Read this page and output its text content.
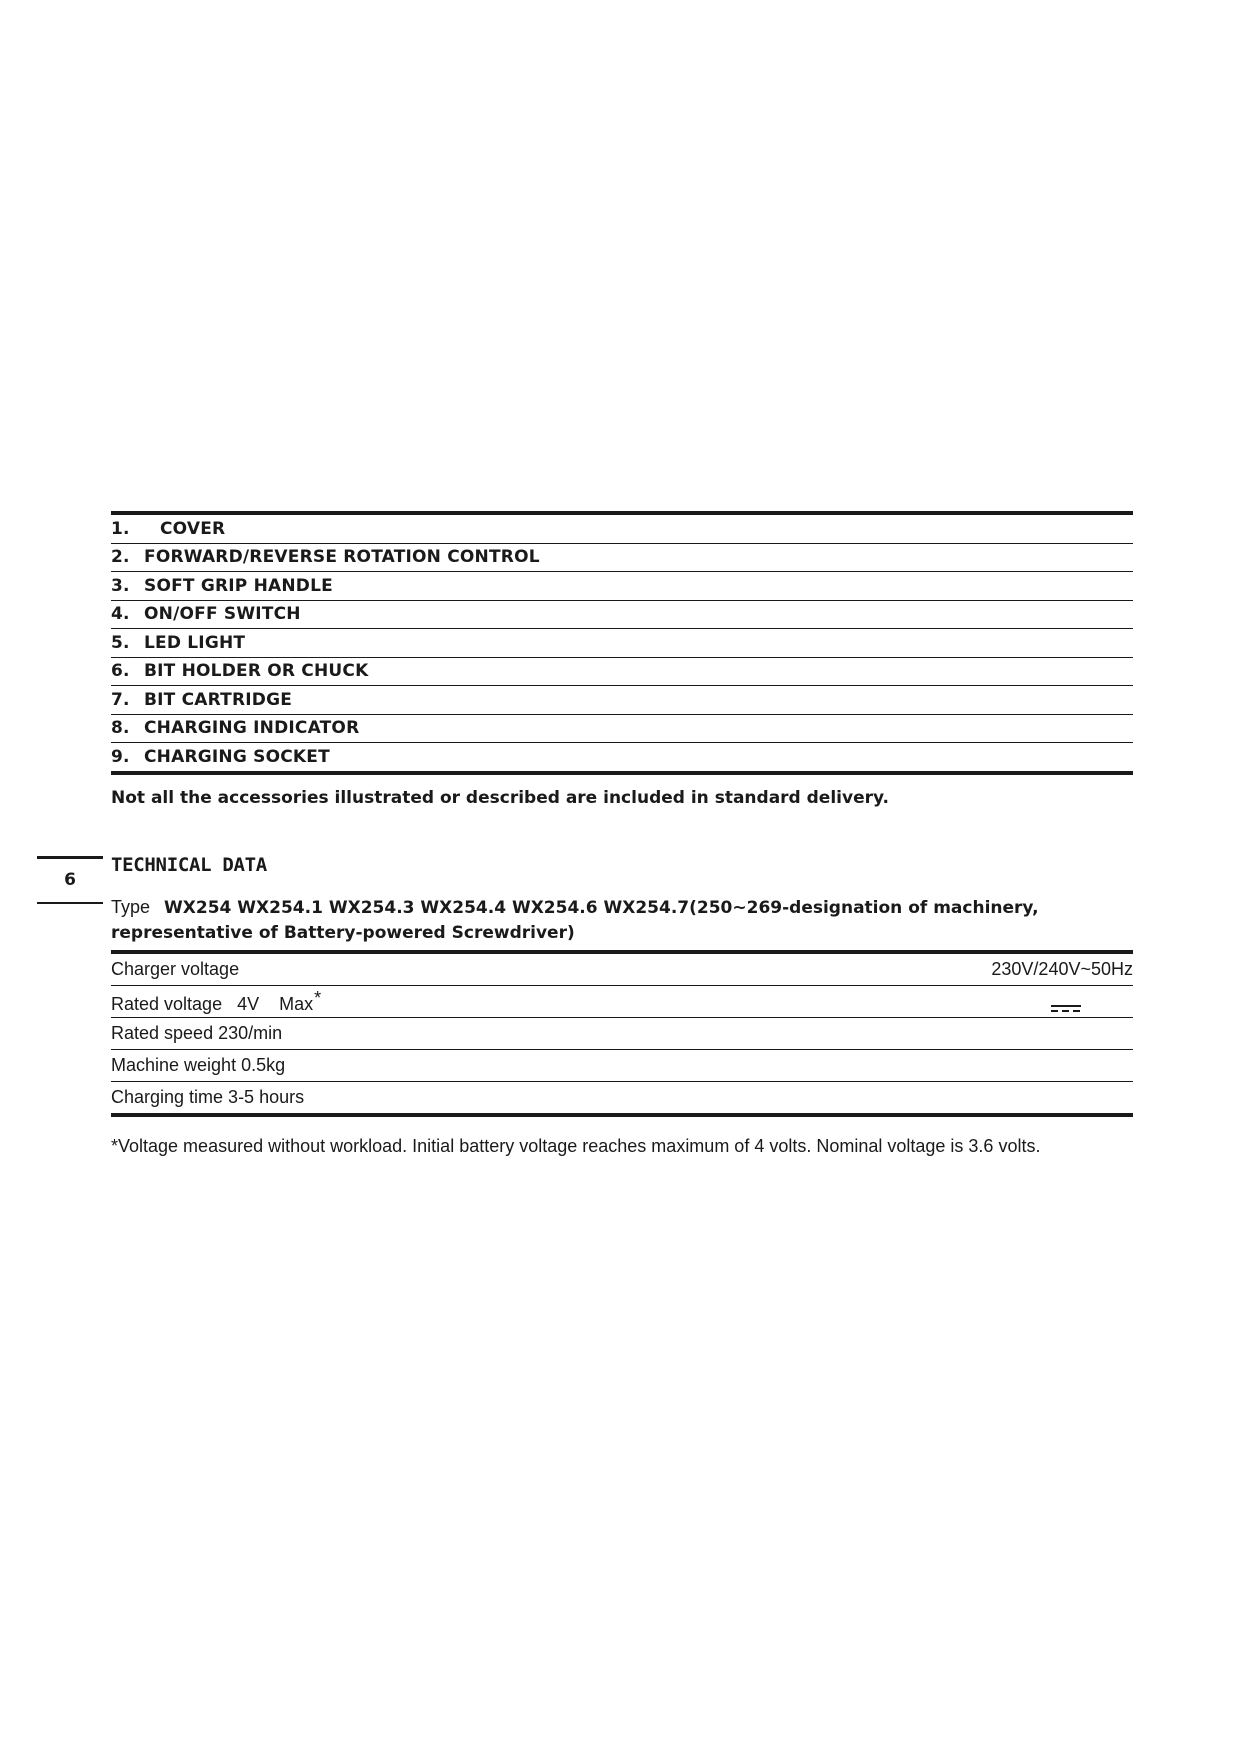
1.	COVER
2. FORWARD/REVERSE ROTATION CONTROL
3. SOFT GRIP HANDLE
4. ON/OFF SWITCH
5. LED LIGHT
6. BIT HOLDER OR CHUCK
7. BIT CARTRIDGE
8. CHARGING INDICATOR
9. CHARGING SOCKET
Not all the accessories illustrated or described are included in standard delivery.
6
TECHNICAL DATA
Type WX254 WX254.1 WX254.3 WX254.4 WX254.6 WX254.7(250~269-designation of machinery,
representative of Battery-powered Screwdriver)
Charger voltage	230V/240V~50Hz
Rated voltage 4V Max*
Rated speed 230/min
Machine weight 0.5kg
Charging time 3-5 hours
*Voltage measured without workload. Initial battery voltage reaches maximum of 4 volts. Nominal voltage is 3.6 volts.
